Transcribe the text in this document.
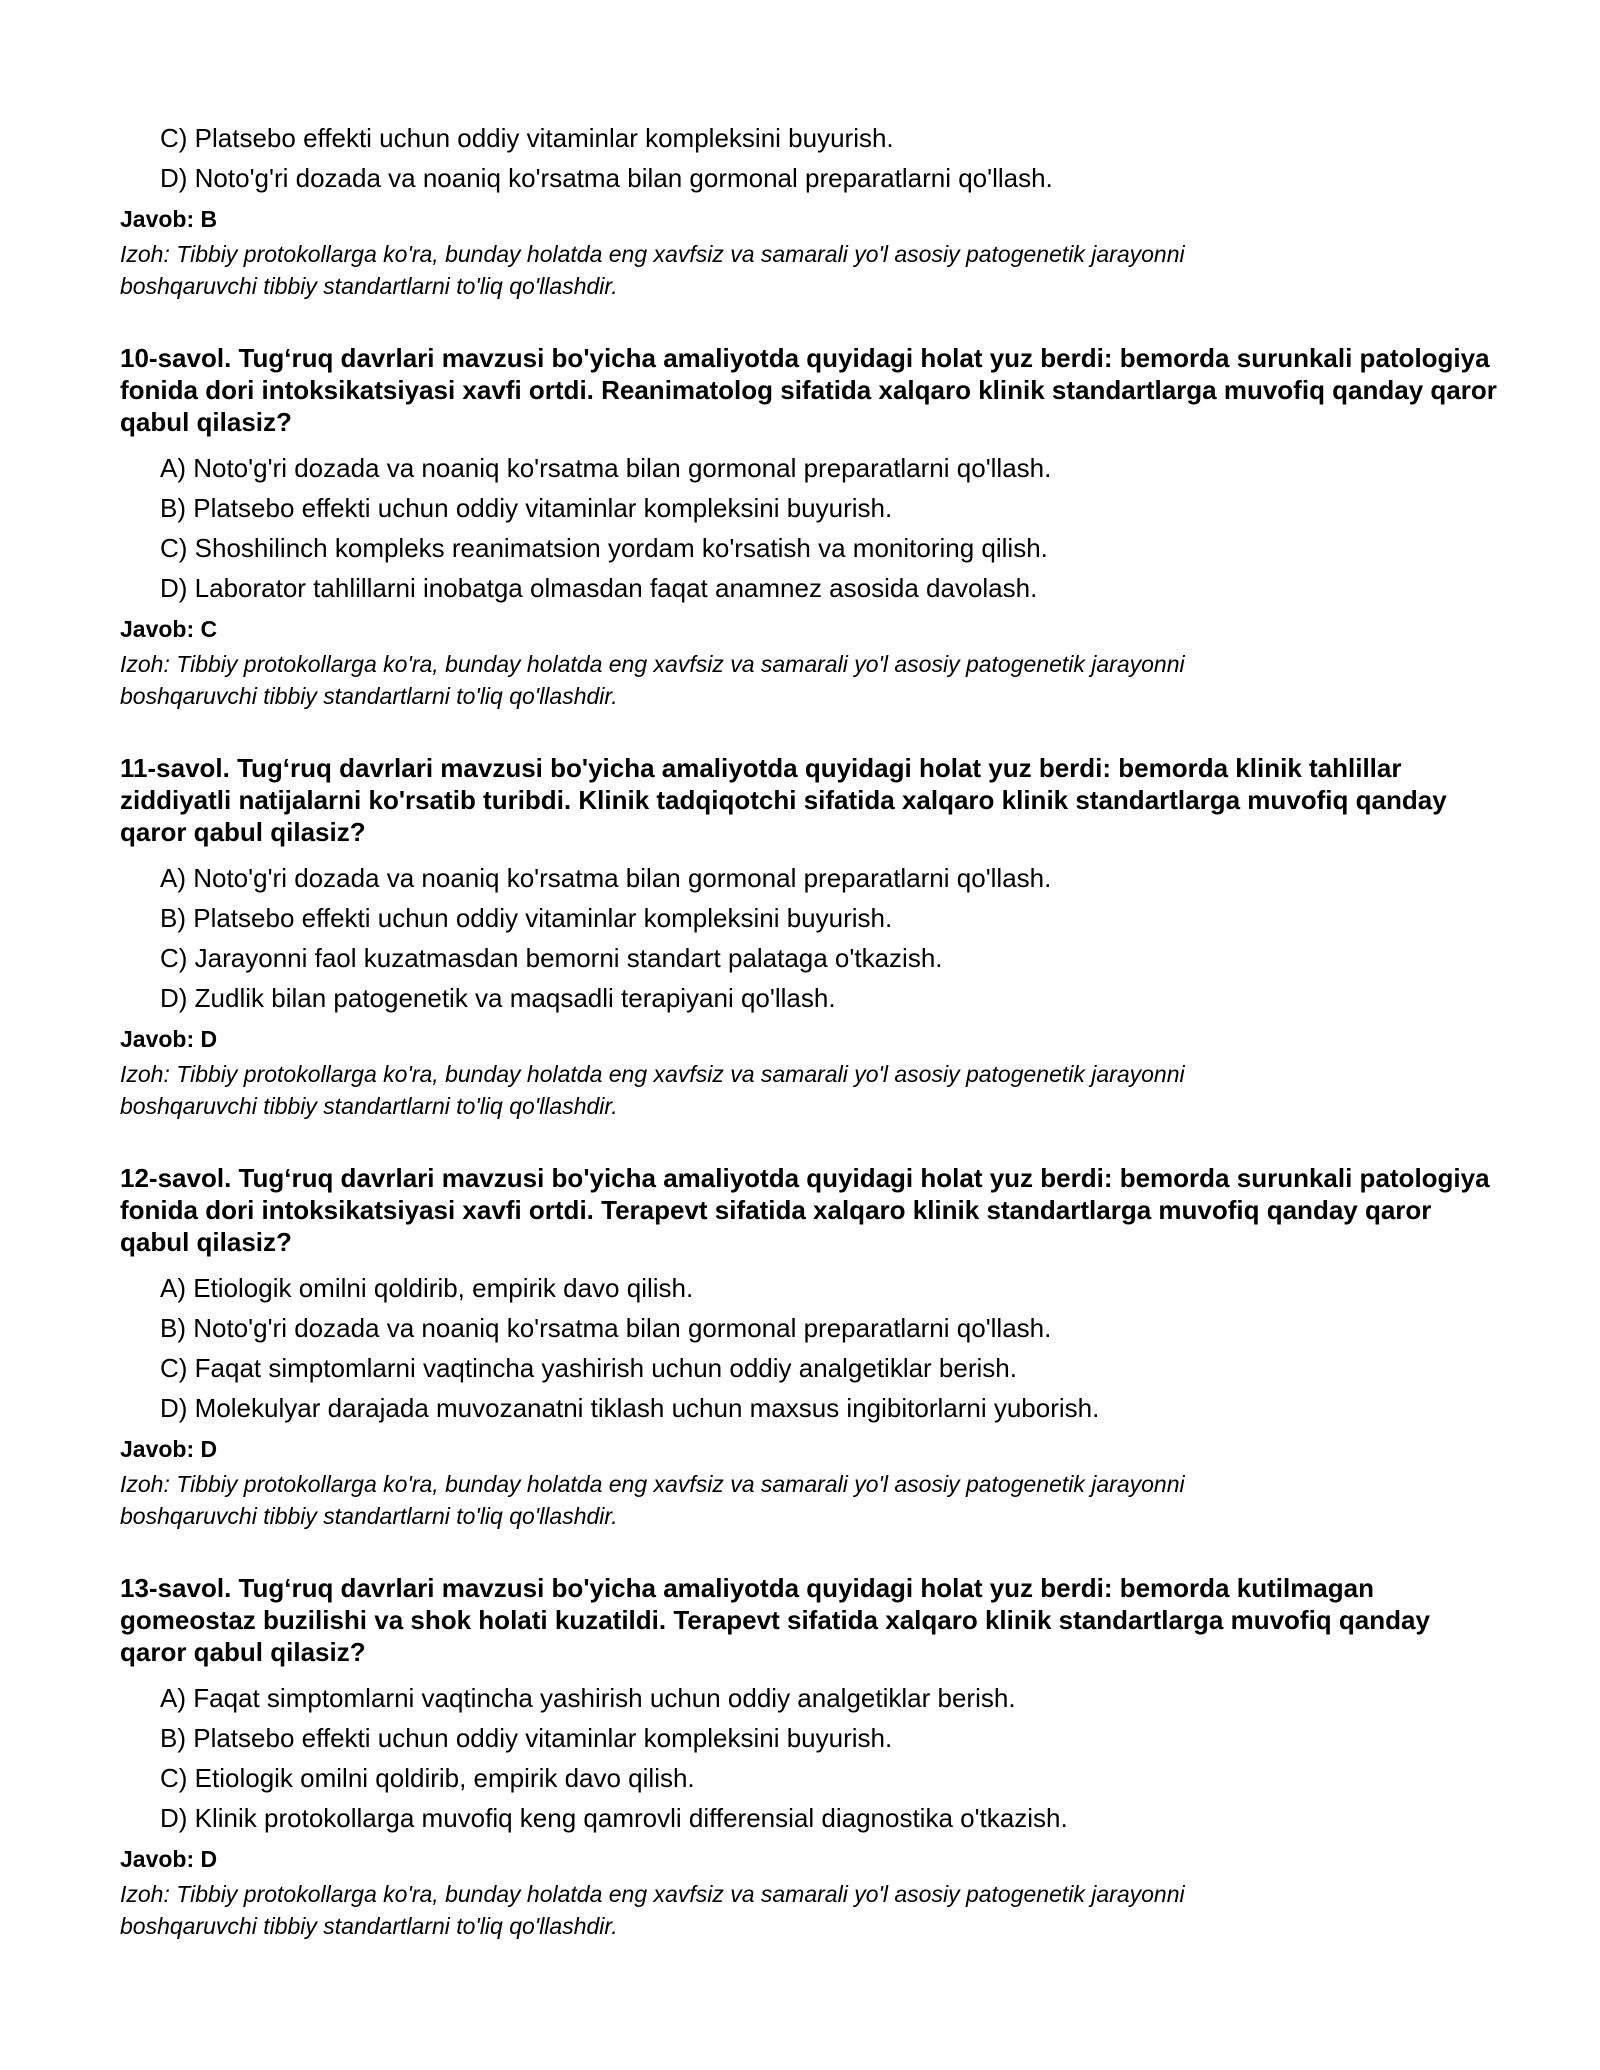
C) Platsebo effekti uchun oddiy vitaminlar kompleksini buyurish.
D) Noto'g'ri dozada va noaniq ko'rsatma bilan gormonal preparatlarni qo'llash.
Javob: B
Izoh: Tibbiy protokollarga ko'ra, bunday holatda eng xavfsiz va samarali yo'l asosiy patogenetik jarayonni
boshqaruvchi tibbiy standartlarni to'liq qo'llashdir.
10-savol. Tug‘ruq davrlari mavzusi bo'yicha amaliyotda quyidagi holat yuz berdi: bemorda surunkali patologiya fonida dori intoksikatsiyasi xavfi ortdi. Reanimatolog sifatida xalqaro klinik standartlarga muvofiq qanday qaror qabul qilasiz?
A) Noto'g'ri dozada va noaniq ko'rsatma bilan gormonal preparatlarni qo'llash.
B) Platsebo effekti uchun oddiy vitaminlar kompleksini buyurish.
C) Shoshilinch kompleks reanimatsion yordam ko'rsatish va monitoring qilish.
D) Laborator tahlillarni inobatga olmasdan faqat anamnez asosida davolash.
Javob: C
Izoh: Tibbiy protokollarga ko'ra, bunday holatda eng xavfsiz va samarali yo'l asosiy patogenetik jarayonni
boshqaruvchi tibbiy standartlarni to'liq qo'llashdir.
11-savol. Tug‘ruq davrlari mavzusi bo'yicha amaliyotda quyidagi holat yuz berdi: bemorda klinik tahlillar ziddiyatli natijalarni ko'rsatib turibdi. Klinik tadqiqotchi sifatida xalqaro klinik standartlarga muvofiq qanday qaror qabul qilasiz?
A) Noto'g'ri dozada va noaniq ko'rsatma bilan gormonal preparatlarni qo'llash.
B) Platsebo effekti uchun oddiy vitaminlar kompleksini buyurish.
C) Jarayonni faol kuzatmasdan bemorni standart palataga o'tkazish.
D) Zudlik bilan patogenetik va maqsadli terapiyani qo'llash.
Javob: D
Izoh: Tibbiy protokollarga ko'ra, bunday holatda eng xavfsiz va samarali yo'l asosiy patogenetik jarayonni
boshqaruvchi tibbiy standartlarni to'liq qo'llashdir.
12-savol. Tug‘ruq davrlari mavzusi bo'yicha amaliyotda quyidagi holat yuz berdi: bemorda surunkali patologiya fonida dori intoksikatsiyasi xavfi ortdi. Terapevt sifatida xalqaro klinik standartlarga muvofiq qanday qaror qabul qilasiz?
A) Etiologik omilni qoldirib, empirik davo qilish.
B) Noto'g'ri dozada va noaniq ko'rsatma bilan gormonal preparatlarni qo'llash.
C) Faqat simptomlarni vaqtincha yashirish uchun oddiy analgetiklar berish.
D) Molekulyar darajada muvozanatni tiklash uchun maxsus ingibitorlarni yuborish.
Javob: D
Izoh: Tibbiy protokollarga ko'ra, bunday holatda eng xavfsiz va samarali yo'l asosiy patogenetik jarayonni
boshqaruvchi tibbiy standartlarni to'liq qo'llashdir.
13-savol. Tug‘ruq davrlari mavzusi bo'yicha amaliyotda quyidagi holat yuz berdi: bemorda kutilmagan gomeostaz buzilishi va shok holati kuzatildi. Terapevt sifatida xalqaro klinik standartlarga muvofiq qanday qaror qabul qilasiz?
A) Faqat simptomlarni vaqtincha yashirish uchun oddiy analgetiklar berish.
B) Platsebo effekti uchun oddiy vitaminlar kompleksini buyurish.
C) Etiologik omilni qoldirib, empirik davo qilish.
D) Klinik protokollarga muvofiq keng qamrovli differensial diagnostika o'tkazish.
Javob: D
Izoh: Tibbiy protokollarga ko'ra, bunday holatda eng xavfsiz va samarali yo'l asosiy patogenetik jarayonni
boshqaruvchi tibbiy standartlarni to'liq qo'llashdir.
